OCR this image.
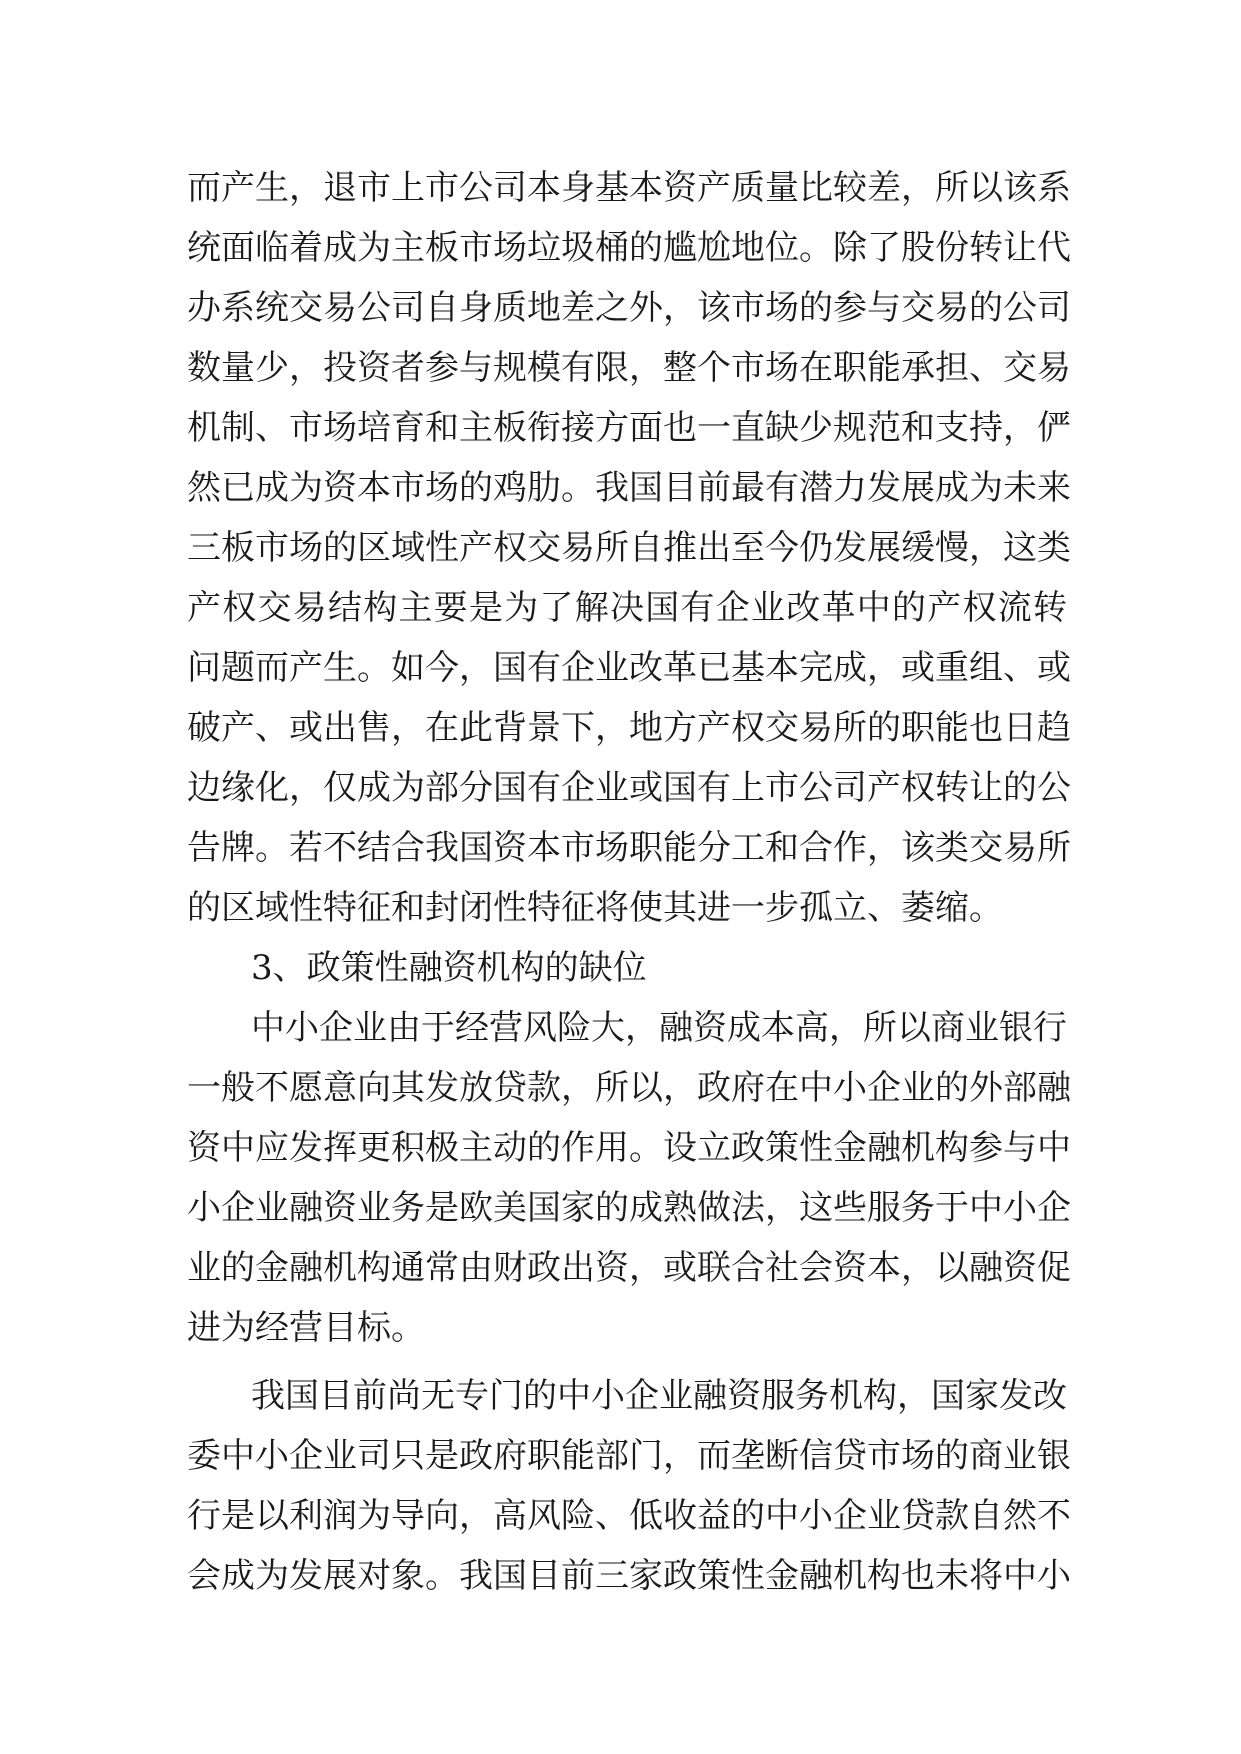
而产生，退市上市公司本身基本资产质量比较差，所以该系
统面临着成为主板市场垃圾桶的尴尬地位。除了股份转让代
办系统交易公司自身质地差之外，该市场的参与交易的公司
数量少，投资者参与规模有限，整个市场在职能承担、交易
机制、市场培育和主板衔接方面也一直缺少规范和支持，俨
然已成为资本市场的鸡肋。我国目前最有潜力发展成为未来
三板市场的区域性产权交易所自推出至今仍发展缓慢，这类
产权交易结构主要是为了解决国有企业改革中的产权流转
问题而产生。如今，国有企业改革已基本完成，或重组、或
破产、或出售，在此背景下，地方产权交易所的职能也日趋
边缘化，仅成为部分国有企业或国有上市公司产权转让的公
告牌。若不结合我国资本市场职能分工和合作，该类交易所
的区域性特征和封闭性特征将使其进一步孤立、萎缩。
3、政策性融资机构的缺位
中小企业由于经营风险大，融资成本高，所以商业银行
一般不愿意向其发放贷款，所以，政府在中小企业的外部融
资中应发挥更积极主动的作用。设立政策性金融机构参与中
小企业融资业务是欧美国家的成熟做法，这些服务于中小企
业的金融机构通常由财政出资，或联合社会资本，以融资促
进为经营目标。
我国目前尚无专门的中小企业融资服务机构，国家发改
委中小企业司只是政府职能部门，而垄断信贷市场的商业银
行是以利润为导向，高风险、低收益的中小企业贷款自然不
会成为发展对象。我国目前三家政策性金融机构也未将中小
